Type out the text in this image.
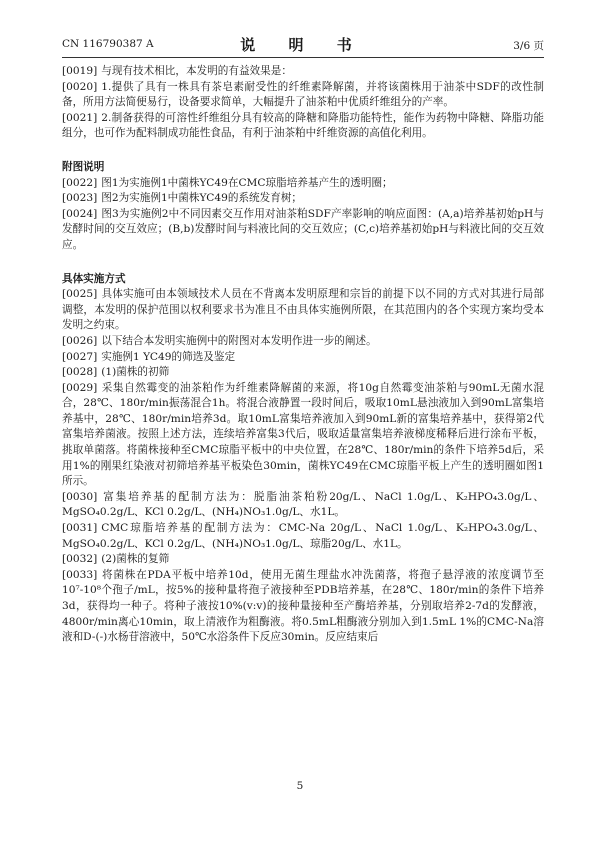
CN 116790387 A	说 明 书	3/6 页

[0019] 与现有技术相比，本发明的有益效果是：

[0020] 1.提供了具有一株具有茶皂素耐受性的纤维素降解菌，并将该菌株用于油茶中SDF的改性制备，所用方法简便易行，设备要求简单，大幅提升了油茶粕中优质纤维组分的产率。

[0021] 2.制备获得的可溶性纤维组分具有较高的降糖和降脂功能特性，能作为药物中降糖、降脂功能组分，也可作为配料制成功能性食品，有利于油茶粕中纤维资源的高值化利用。

附图说明

[0022] 图1为实施例1中菌株YC49在CMC琼脂培养基产生的透明圈；

[0023] 图2为实施例1中菌株YC49的系统发育树；

[0024] 图3为实施例2中不同因素交互作用对油茶粕SDF产率影响的响应面图：(A,a)培养基初始pH与发酵时间的交互效应；(B,b)发酵时间与料液比间的交互效应；(C,c)培养基初始pH与料液比间的交互效应。

具体实施方式

[0025] 具体实施可由本领域技术人员在不背离本发明原理和宗旨的前提下以不同的方式对其进行局部调整，本发明的保护范围以权利要求书为准且不由具体实施例所限，在其范围内的各个实现方案均受本发明之约束。

[0026] 以下结合本发明实施例中的附图对本发明作进一步的阐述。

[0027] 实施例1 YC49的筛选及鉴定

[0028] (1)菌株的初筛

[0029] 采集自然霉变的油茶粕作为纤维素降解菌的来源，将10g自然霉变油茶粕与90mL无菌水混合，28℃、180r/min振荡混合1h。将混合液静置一段时间后，吸取10mL悬浊液加入到90mL富集培养基中，28℃、180r/min培养3d。取10mL富集培养液加入到90mL新的富集培养基中，获得第2代富集培养菌液。按照上述方法，连续培养富集3代后，吸取适量富集培养液梯度稀释后进行涂布平板，挑取单菌落。将菌株接种至CMC琼脂平板中的中央位置，在28℃、180r/min的条件下培养5d后，采用1%的刚果红染液对初筛培养基平板染色30min，菌株YC49在CMC琼脂平板上产生的透明圈如图1所示。

[0030] 富集培养基的配制方法为：脱脂油茶粕粉20g/L、NaCl 1.0g/L、K₂HPO₄3.0g/L、MgSO₄0.2g/L、KCl 0.2g/L、(NH₄)NO₃1.0g/L、水1L。

[0031] CMC琼脂培养基的配制方法为：CMC-Na 20g/L、NaCl 1.0g/L、K₂HPO₄3.0g/L、MgSO₄0.2g/L、KCl 0.2g/L、(NH₄)NO₃1.0g/L、琼脂20g/L、水1L。

[0032] (2)菌株的复筛

[0033] 将菌株在PDA平板中培养10d，使用无菌生理盐水冲洗菌落，将孢子悬浮液的浓度调节至10⁷-10⁸个孢子/mL，按5%的接种量将孢子液接种至PDB培养基，在28℃、180r/min的条件下培养3d，获得均一种子。将种子液按10%(v:v)的接种量接种至产酶培养基，分别取培养2-7d的发酵液，4800r/min离心10min，取上清液作为粗酶液。将0.5mL粗酶液分别加入到1.5mL 1%的CMC-Na溶液和D-(-)水杨苷溶液中，50℃水浴条件下反应30min。反应结束后

5
